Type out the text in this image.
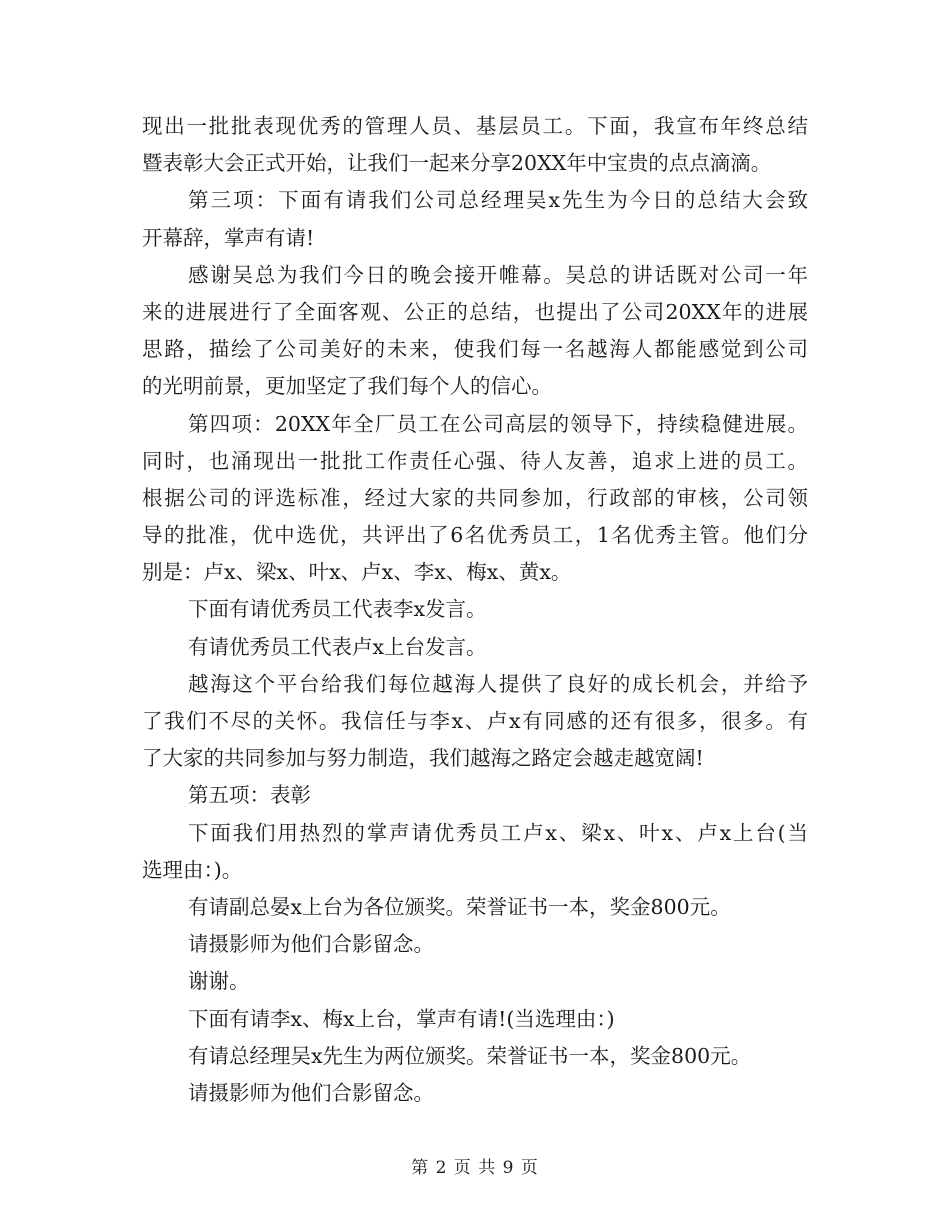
现出一批批表现优秀的管理人员、基层员工。下面，我宣布年终总结
暨表彰大会正式开始，让我们一起来分享20XX年中宝贵的点点滴滴。
第三项：下面有请我们公司总经理吴x先生为今日的总结大会致
开幕辞，掌声有请!
感谢吴总为我们今日的晚会接开帷幕。吴总的讲话既对公司一年
来的进展进行了全面客观、公正的总结，也提出了公司20XX年的进展
思路，描绘了公司美好的未来，使我们每一名越海人都能感觉到公司
的光明前景，更加坚定了我们每个人的信心。
第四项：20XX年全厂员工在公司高层的领导下，持续稳健进展。
同时，也涌现出一批批工作责任心强、待人友善，追求上进的员工。
根据公司的评选标准，经过大家的共同参加，行政部的审核，公司领
导的批准，优中选优，共评出了6名优秀员工，1名优秀主管。他们分
别是：卢x、梁x、叶x、卢x、李x、梅x、黄x。
下面有请优秀员工代表李x发言。
有请优秀员工代表卢x上台发言。
越海这个平台给我们每位越海人提供了良好的成长机会，并给予
了我们不尽的关怀。我信任与李x、卢x有同感的还有很多，很多。有
了大家的共同参加与努力制造，我们越海之路定会越走越宽阔!
第五项：表彰
下面我们用热烈的掌声请优秀员工卢x、梁x、叶x、卢x上台(当
选理由：)。
有请副总晏x上台为各位颁奖。荣誉证书一本，奖金800元。
请摄影师为他们合影留念。
谢谢。
下面有请李x、梅x上台，掌声有请!(当选理由：)
有请总经理吴x先生为两位颁奖。荣誉证书一本，奖金800元。
请摄影师为他们合影留念。
第 2 页 共 9 页
